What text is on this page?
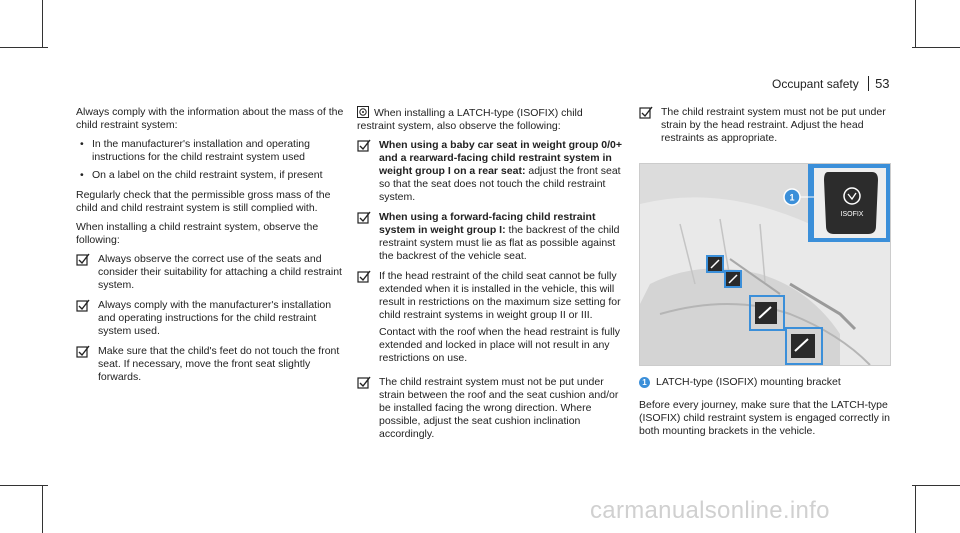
Occupant safety 53

Always comply with the information about the mass of the child restraint system:

• In the manufacturer's installation and operating instructions for the child restraint system used
• On a label on the child restraint system, if present

Regularly check that the permissible gross mass of the child and child restraint system is still complied with.

When installing a child restraint system, observe the following:

Always observe the correct use of the seats and consider their suitability for attaching a child restraint system.
Always comply with the manufacturer's installation and operating instructions for the child restraint system used.
Make sure that the child's feet do not touch the front seat. If necessary, move the front seat slightly forwards.

When installing a LATCH-type (ISOFIX) child restraint system, also observe the following:

When using a baby car seat in weight group 0/0+ and a rearward-facing child restraint system in weight group I on a rear seat: adjust the front seat so that the seat does not touch the child restraint system.
When using a forward-facing child restraint system in weight group I: the backrest of the child restraint system must lie as flat as possible against the backrest of the vehicle seat.

If the head restraint of the child seat cannot be fully extended when it is installed in the vehicle, this will result in restrictions on the maximum size setting for child restraint systems in weight group II or III.

Contact with the roof when the head restraint is fully extended and locked in place will not result in any restrictions on use.

The child restraint system must not be put under strain between the roof and the seat cushion and/or be installed facing the wrong direction. Where possible, adjust the seat cushion inclination accordingly.
The child restraint system must not be put under strain by the head restraint. Adjust the head restraints as appropriate.
ISOFIX
1

1 LATCH-type (ISOFIX) mounting bracket

Before every journey, make sure that the LATCH-type (ISOFIX) child restraint system is engaged correctly in both mounting brackets in the vehicle.

carmanualsonline.info
